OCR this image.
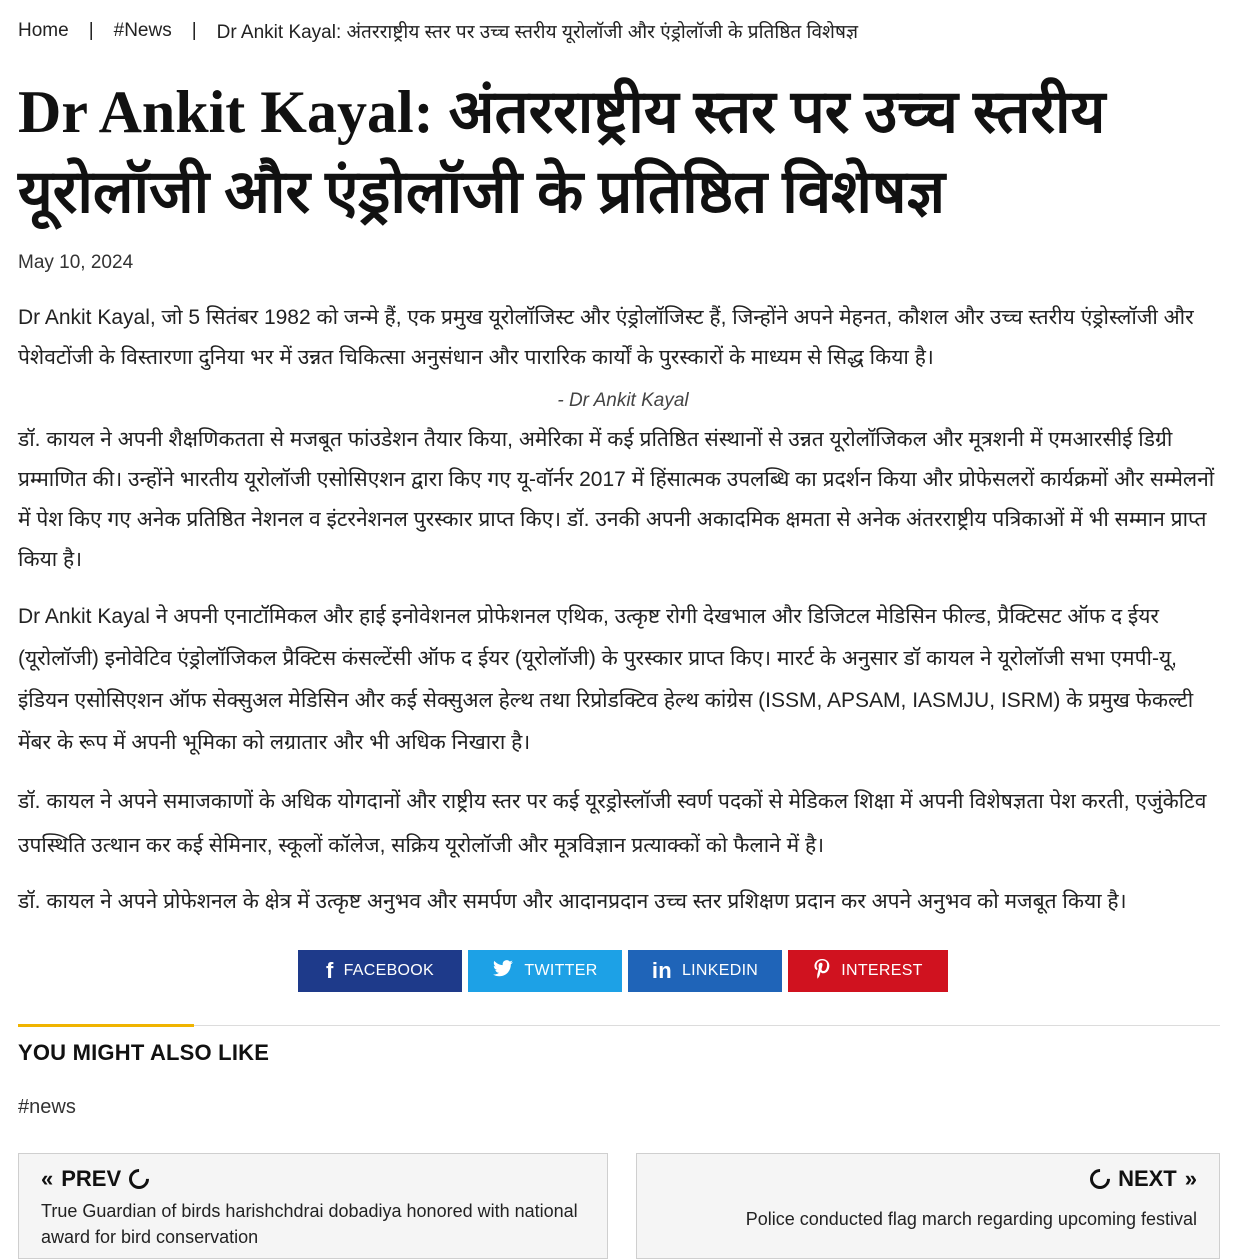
Home | #News | Dr Ankit Kayal: अंतरराष्ट्रीय स्तर पर उच्च स्तरीय यूरोलॉजी और एंड्रोलॉजी के प्रतिष्ठित विशेषज्ञ
Dr Ankit Kayal: अंतरराष्ट्रीय स्तर पर उच्च स्तरीय यूरोलॉजी और एंड्रोलॉजी के प्रतिष्ठित विशेषज्ञ
May 10, 2024

Dr Ankit Kayal, जो 5 सितंबर 1982 को जन्मे हैं, एक प्रमुख यूरोलॉजिस्ट और एंड्रोलॉजिस्ट हैं, जिन्होंने अपने मेहनत, कौशल और उच्च स्तरीय एंड्रोस्लॉजी और पेशेवटोंजी के विस्तारणा दुनिया भर में उन्नत चिकित्सा अनुसंधान और पारारिक कार्यों के पुरस्कारों के माध्यम से सिद्ध किया है।

- Dr Ankit Kayal

डॉ. कायल ने अपनी शैक्षणिकतता से मजबूत फांउडेशन तैयार किया, अमेरिका में कई प्रतिष्ठित संस्थानों से उन्नत यूरोलॉजिकल और मूत्रशनी में एमआरसीई डिग्री प्रम्माणित की। उन्होंने भारतीय यूरोलॉजी एसोसिएशन द्वारा किए गए यू-वॉर्नर 2017 में हिंसात्मक उपलब्धि का प्रदर्शन किया और प्रोफेसलरों कार्यक्रमों और सम्मेलनों में पेश किए गए अनेक प्रतिष्ठित नेशनल व इंटरनेशनल पुरस्कार प्राप्त किए। डॉ. उनकी अपनी अकादमिक क्षमता से अनेक अंतरराष्ट्रीय पत्रिकाओं में भी सम्मान प्राप्त किया है।

Dr Ankit Kayal ने अपनी एनाटॉमिकल और हाई इनोवेशनल प्रोफेशनल एथिक, उत्कृष्ट रोगी देखभाल और डिजिटल मेडिसिन फील्ड, प्रैक्टिसट ऑफ द ईयर (यूरोलॉजी) इनोवेटिव एंड्रोलॉजिकल प्रैक्टिस कंसल्टेंसी ऑफ द ईयर (यूरोलॉजी) के पुरस्कार प्राप्त किए। मारर्ट के अनुसार डॉ कायल ने यूरोलॉजी सभा एमपी-यू, इंडियन एसोसिएशन ऑफ सेक्सुअल मेडिसिन और कई सेक्सुअल हेल्थ तथा रिप्रोडक्टिव हेल्थ कांग्रेस (ISSM, APSAM, IASMJU, ISRM) के प्रमुख फेकल्टी मेंबर के रूप में अपनी भूमिका को लग्रातार और भी अधिक निखारा है।

डॉ. कायल ने अपने समाजकाणों के अधिक योगदानों और राष्ट्रीय स्तर पर कई यूरड्रोस्लॉजी स्वर्ण पदकों से मेडिकल शिक्षा में अपनी विशेषज्ञता पेश करती, एजुंकेटिव उपस्थिति उत्थान कर कई सेमिनार, स्कूलों कॉलेज, सक्रिय यूरोलॉजी और मूत्रविज्ञान प्रत्याक्कों को फैलाने में है।

डॉ. कायल ने अपने प्रोफेशनल के क्षेत्र में उत्कृष्ट अनुभव और समर्पण और आदानप्रदान उच्च स्तर प्रशिक्षण प्रदान कर अपने अनुभव को मजबूत किया है।

f FACEBOOK	TWITTER in LINKEDIN	INTEREST
YOU MIGHT ALSO LIKE
#news
« PREV
True Guardian of birds harishchdrai dobadiya honored with national award for bird conservation
NEXT »
Police conducted flag march regarding upcoming festival
